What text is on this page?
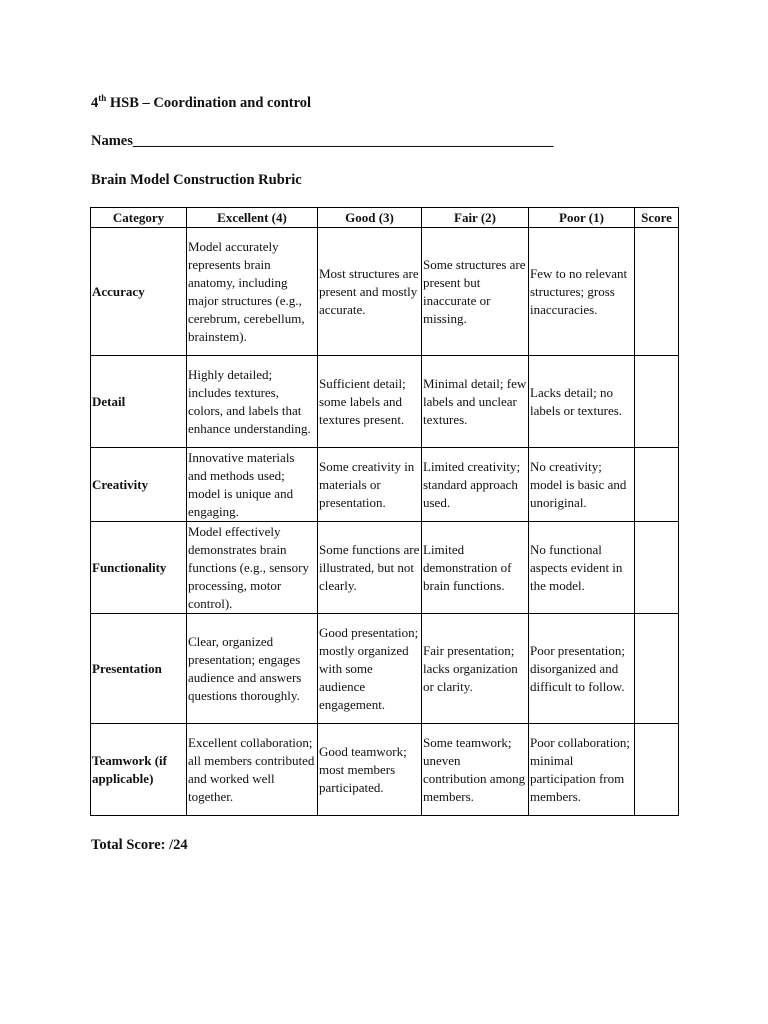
4th HSB – Coordination and control
Names__________________________________________________________
Brain Model Construction Rubric
Category	Excellent (4)	Good (3)	Fair (2)	Poor (1)	Score
Accuracy	Model accurately represents brain anatomy, including major structures (e.g., cerebrum, cerebellum, brainstem).	Most structures are present and mostly accurate.	Some structures are present but inaccurate or missing.	Few to no relevant structures; gross inaccuracies.	
Detail	Highly detailed; includes textures, colors, and labels that enhance understanding.	Sufficient detail; some labels and textures present.	Minimal detail; few labels and unclear textures.	Lacks detail; no labels or textures.	
Creativity	Innovative materials and methods used; model is unique and engaging.	Some creativity in materials or presentation.	Limited creativity; standard approach used.	No creativity; model is basic and unoriginal.	
Functionality	Model effectively demonstrates brain functions (e.g., sensory processing, motor control).	Some functions are illustrated, but not clearly.	Limited demonstration of brain functions.	No functional aspects evident in the model.	
Presentation	Clear, organized presentation; engages audience and answers questions thoroughly.	Good presentation; mostly organized with some audience engagement.	Fair presentation; lacks organization or clarity.	Poor presentation; disorganized and difficult to follow.	
Teamwork (if applicable)	Excellent collaboration; all members contributed and worked well together.	Good teamwork; most members participated.	Some teamwork; uneven contribution among members.	Poor collaboration; minimal participation from members.	
Total Score: /24
